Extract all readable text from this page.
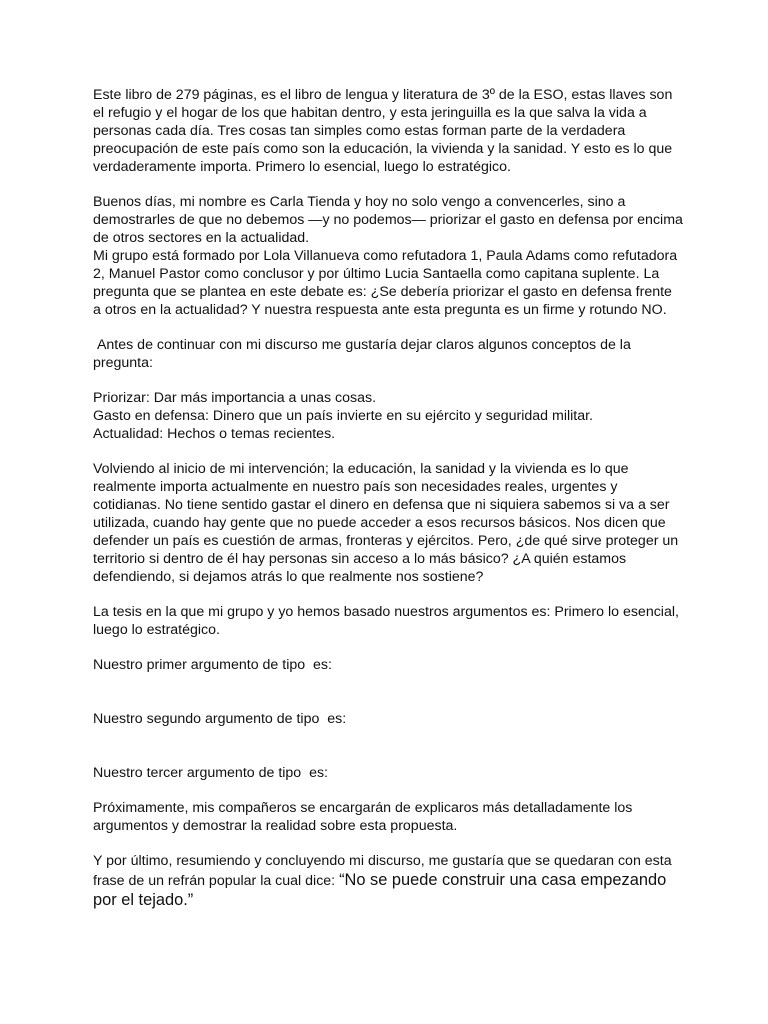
Este libro de 279 páginas, es el libro de lengua y literatura de 3º de la ESO, estas llaves son el refugio y el hogar de los que habitan dentro, y esta jeringuilla es la que salva la vida a personas cada día. Tres cosas tan simples como estas forman parte de la verdadera preocupación de este país como son la educación, la vivienda y la sanidad. Y esto es lo que verdaderamente importa. Primero lo esencial, luego lo estratégico.

Buenos días, mi nombre es Carla Tienda y hoy no solo vengo a convencerles, sino a demostrarles de que no debemos —y no podemos— priorizar el gasto en defensa por encima de otros sectores en la actualidad.

Mi grupo está formado por Lola Villanueva como refutadora 1, Paula Adams como refutadora 2, Manuel Pastor como conclusor y por último Lucia Santaella como capitana suplente. La pregunta que se plantea en este debate es: ¿Se debería priorizar el gasto en defensa frente a otros en la actualidad? Y nuestra respuesta ante esta pregunta es un firme y rotundo NO.

Antes de continuar con mi discurso me gustaría dejar claros algunos conceptos de la pregunta:

Priorizar: Dar más importancia a unas cosas.

Gasto en defensa: Dinero que un país invierte en su ejército y seguridad militar.

Actualidad: Hechos o temas recientes.

Volviendo al inicio de mi intervención; la educación, la sanidad y la vivienda es lo que realmente importa actualmente en nuestro país son necesidades reales, urgentes y cotidianas. No tiene sentido gastar el dinero en defensa que ni siquiera sabemos si va a ser utilizada, cuando hay gente que no puede acceder a esos recursos básicos. Nos dicen que defender un país es cuestión de armas, fronteras y ejércitos. Pero, ¿de qué sirve proteger un territorio si dentro de él hay personas sin acceso a lo más básico? ¿A quién estamos defendiendo, si dejamos atrás lo que realmente nos sostiene?

La tesis en la que mi grupo y yo hemos basado nuestros argumentos es: Primero lo esencial, luego lo estratégico.

Nuestro primer argumento de tipo  es:

Nuestro segundo argumento de tipo  es:

Nuestro tercer argumento de tipo  es:

Próximamente, mis compañeros se encargarán de explicaros más detalladamente los argumentos y demostrar la realidad sobre esta propuesta.

Y por último, resumiendo y concluyendo mi discurso, me gustaría que se quedaran con esta frase de un refrán popular la cual dice: “No se puede construir una casa empezando por el tejado.”
